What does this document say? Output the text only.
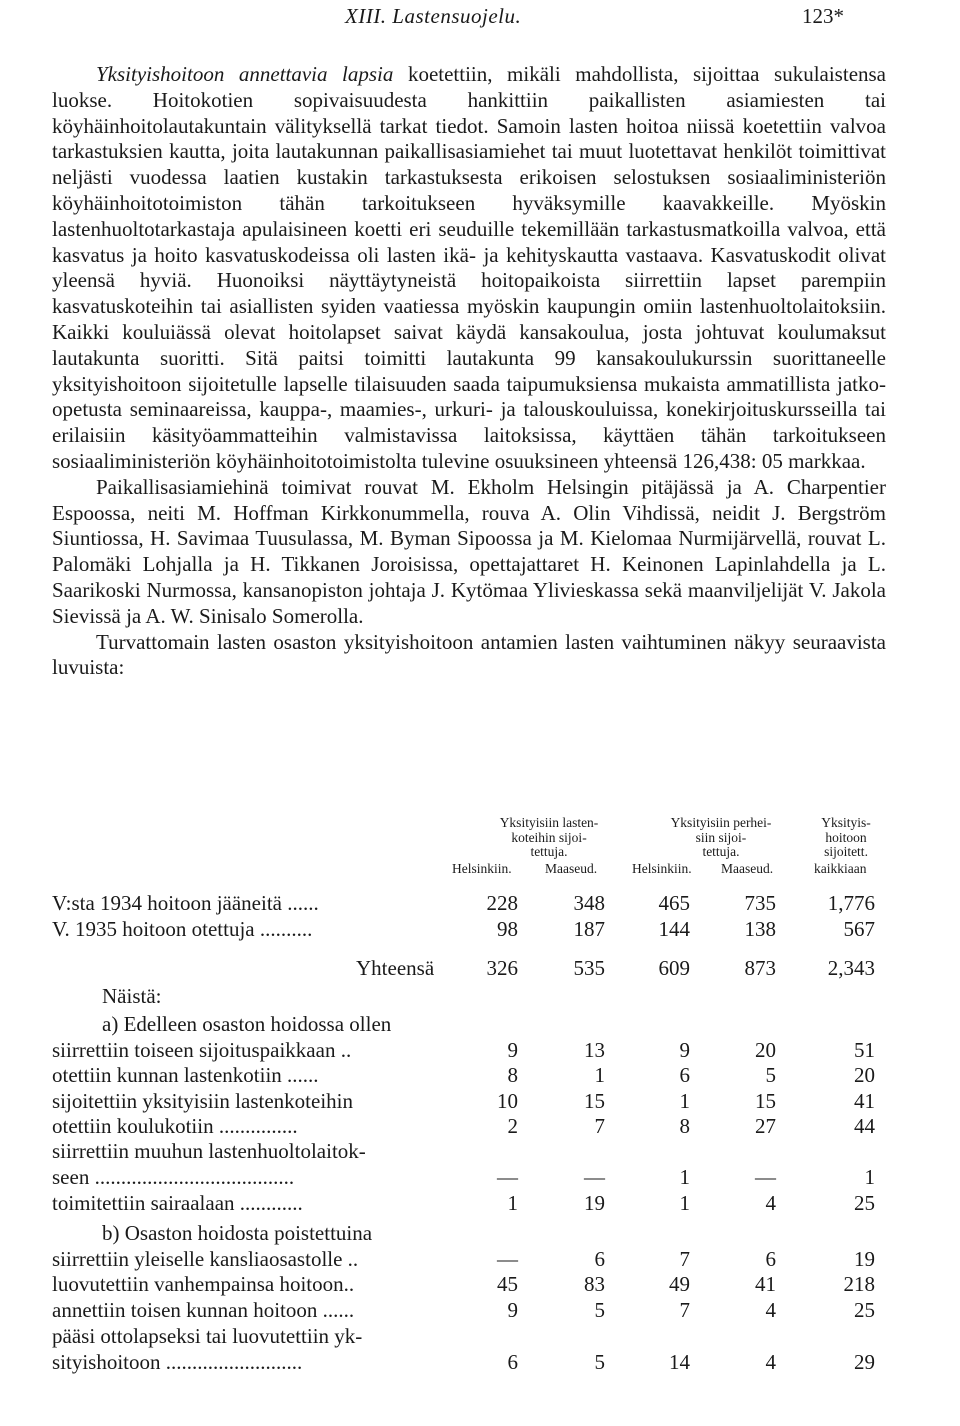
XIII. Lastensuojelu.	123*

Yksityishoitoon annettavia lapsia koetettiin, mikäli mahdollista, sijoittaa sukulaistensa luokse. Hoitokotien sopivaisuudesta hankittiin paikallisten asiamiesten tai köyhäinhoitolautakuntain välityksellä tarkat tiedot. Samoin lasten hoitoa niissä koetettiin valvoa tarkastuksien kautta, joita lautakunnan paikallisasiamiehet tai muut luotettavat henkilöt toimittivat neljästi vuodessa laatien kustakin tarkastuksesta erikoisen selostuksen sosiaaliministeriön köyhäinhoitotoimiston tähän tarkoitukseen hyväksymille kaavakkeille. Myöskin lastenhuoltotarkastaja apulaisineen koetti eri seuduille tekemillään tarkastusmatkoilla valvoa, että kasvatus ja hoito kasvatuskodeissa oli lasten ikä- ja kehityskautta vastaava. Kasvatuskodit olivat yleensä hyviä. Huonoiksi näyttäytyneistä hoitopaikoista siirrettiin lapset parempiin kasvatuskoteihin tai asiallisten syiden vaatiessa myöskin kaupungin omiin lastenhuoltolaitoksiin. Kaikki kouluiässä olevat hoitolapset saivat käydä kansakoulua, josta johtuvat koulumaksut lautakunta suoritti. Sitä paitsi toimitti lautakunta 99 kansakoulukurssin suorittaneelle yksityishoitoon sijoitetulle lapselle tilaisuuden saada taipumuksiensa mukaista ammatillista jatko-opetusta seminaareissa, kauppa-, maamies-, urkuri- ja talouskouluissa, konekirjoituskursseilla tai erilaisiin käsityöammatteihin valmistavissa laitoksissa, käyttäen tähän tarkoitukseen sosiaaliministeriön köyhäinhoitotoimistolta tulevine osuuksineen yhteensä 126,438: 05 markkaa.

Paikallisasiamiehinä toimivat rouvat M. Ekholm Helsingin pitäjässä ja A. Charpentier Espoossa, neiti M. Hoffman Kirkkonummella, rouva A. Olin Vihdissä, neidit J. Bergström Siuntiossa, H. Savimaa Tuusulassa, M. Byman Sipoossa ja M. Kielomaa Nurmijärvellä, rouvat L. Palomäki Lohjalla ja H. Tikkanen Joroisissa, opettajattaret H. Keinonen Lapinlahdella ja L. Saarikoski Nurmossa, kansanopiston johtaja J. Kytömaa Ylivieskassa sekä maanviljelijät V. Jakola Sievissä ja A. W. Sinisalo Somerolla.

Turvattomain lasten osaston yksityishoitoon antamien lasten vaihtuminen näkyy seuraavista luvuista:

Yksityisiin lasten-
koteihin sijoi-
tettuja.
Yksityisiin perhei-
siin sijoi-
tettuja.
Yksityis-
hoitoon
sijoitett.
Helsinkiin. Maaseud.	Helsinkiin. Maaseud.	kaikkiaan
V:sta 1934 hoitoon jääneitä ......	228	348	465	735	1,776
V. 1935 hoitoon otettuja ..........	98	187	144	138	567
Yhteensä	326	535	609	873	2,343
Näistä:
a) Edelleen osaston hoidossa ollen
siirrettiin toiseen sijoituspaikkaan ..	9	13	9	20	51
otettiin kunnan lastenkotiin ......	8	1	6	5	20
sijoitettiin yksityisiin lastenkoteihin	10	15	1	15	41
otettiin koulukotiin ...............	2	7	8	27	44
siirrettiin muuhun lastenhuoltolaitok-
seen ......................................	—	—	1	—	1
toimitettiin sairaalaan ............	1	19	1	4	25
b) Osaston hoidosta poistettuina
siirrettiin yleiselle kansliaosastolle ..	—	6	7	6	19
luovutettiin vanhempainsa hoitoon..	45	83	49	41	218
annettiin toisen kunnan hoitoon ......	9	5	7	4	25
pääsi ottolapseksi tai luovutettiin yk-
sityishoitoon ..........................	6	5	14	4	29
